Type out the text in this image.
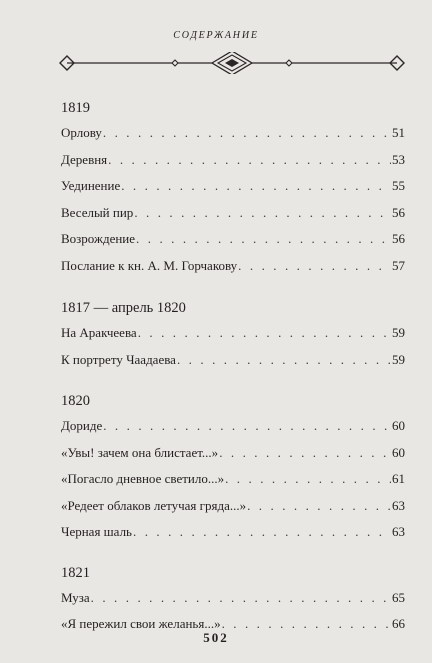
СОДЕРЖАНИЕ
1819
Орлову . . .	51
Деревня . . .	53
Уединение . . .	55
Веселый пир . . .	56
Возрождение . . .	56
Послание к кн. А. М. Горчакову . . .	57
1817 — апрель 1820
На Аракчеева . . .	59
К портрету Чаадаева . . .	59
1820
Дориде . . .	60
«Увы! зачем она блистает...» . . .	60
«Погасло дневное светило...» . . .	61
«Редеет облаков летучая гряда...» . . .	63
Черная шаль . . .	63
1821
Муза . . .	65
«Я пережил свои желанья...» . . .	66
502
